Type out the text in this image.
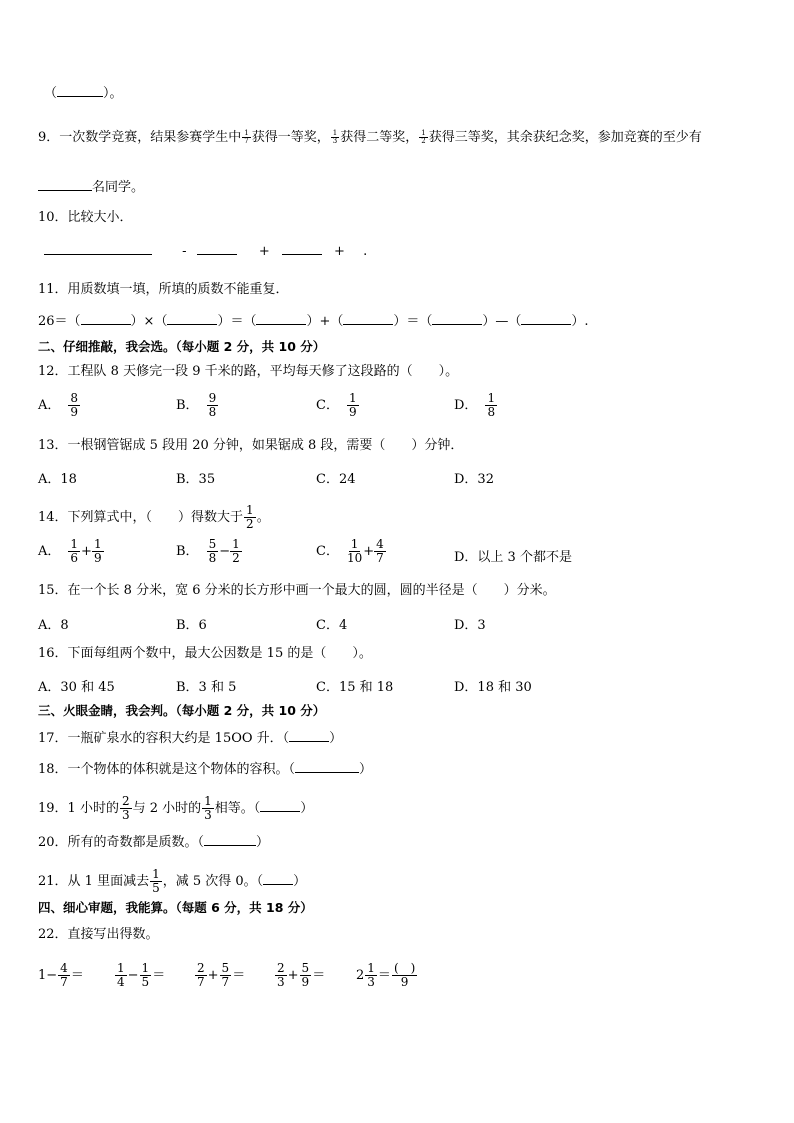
（	）。
9．一次数学竞赛，结果参赛学生中 $\frac{1}{7}$ 获得一等奖， $\frac{1}{3}$ 获得二等奖， $\frac{1}{2}$ 获得三等奖，其余获纪念奖，参加竞赛的至少有
名同学。
10．比较大小．
-	+	+ .
11．用质数填一填，所填的质数不能重复．
26＝（	）×（	）＝（	）+（	）＝（	）—（	）.
二、仔细推敲，我会选。（每小题 2 分，共 10 分）
12．工程队 8 天修完一段 9 千米的路，平均每天修了这段路的（　　）。
A． $\frac{8}{9}$	B． $\frac{9}{8}$	C． $\frac{1}{9}$	D． $\frac{1}{8}$
13．一根钢管锯成 5 段用 20 分钟，如果锯成 8 段，需要（　　）分钟．
A．18	B．35	C．24	D．32
14．下列算式中，（　　）得数大于 $\frac{1}{2}$ 。
A． $\frac{1}{6} + \frac{1}{9}$	B． $\frac{5}{8} - \frac{1}{2}$	C． $\frac{1}{10} + \frac{4}{7}$	D．以上 3 个都不是
15．在一个长 8 分米，宽 6 分米的长方形中画一个最大的圆，圆的半径是（　　）分米。
A．8	B．6	C．4	D．3
16．下面每组两个数中，最大公因数是 15 的是（　　）。
A．30 和 45	B．3 和 5	C．15 和 18	D．18 和 30
三、火眼金睛，我会判。（每小题 2 分，共 10 分）
17．一瓶矿泉水的容积大约是 15OO 升．（	）
18．一个物体的体积就是这个物体的容积。（	）
19．1 小时的 $\frac{2}{3}$ 与 2 小时的 $\frac{1}{3}$ 相等。（	）
20．所有的奇数都是质数。（	）
21．从 1 里面减去 $\frac{1}{5}$ ，减 5 次得 0。（ ）
四、细心审题，我能算。（每题 6 分，共 18 分）
22．直接写出得数。
$1- \frac{4}{7}$ ＝	$\frac{1}{4} - \frac{1}{5} = \frac{2}{7} + \frac{5}{7} = \frac{2}{3} + \frac{5}{9} = 2 \frac{1}{3}$ ＝ (　)
9
